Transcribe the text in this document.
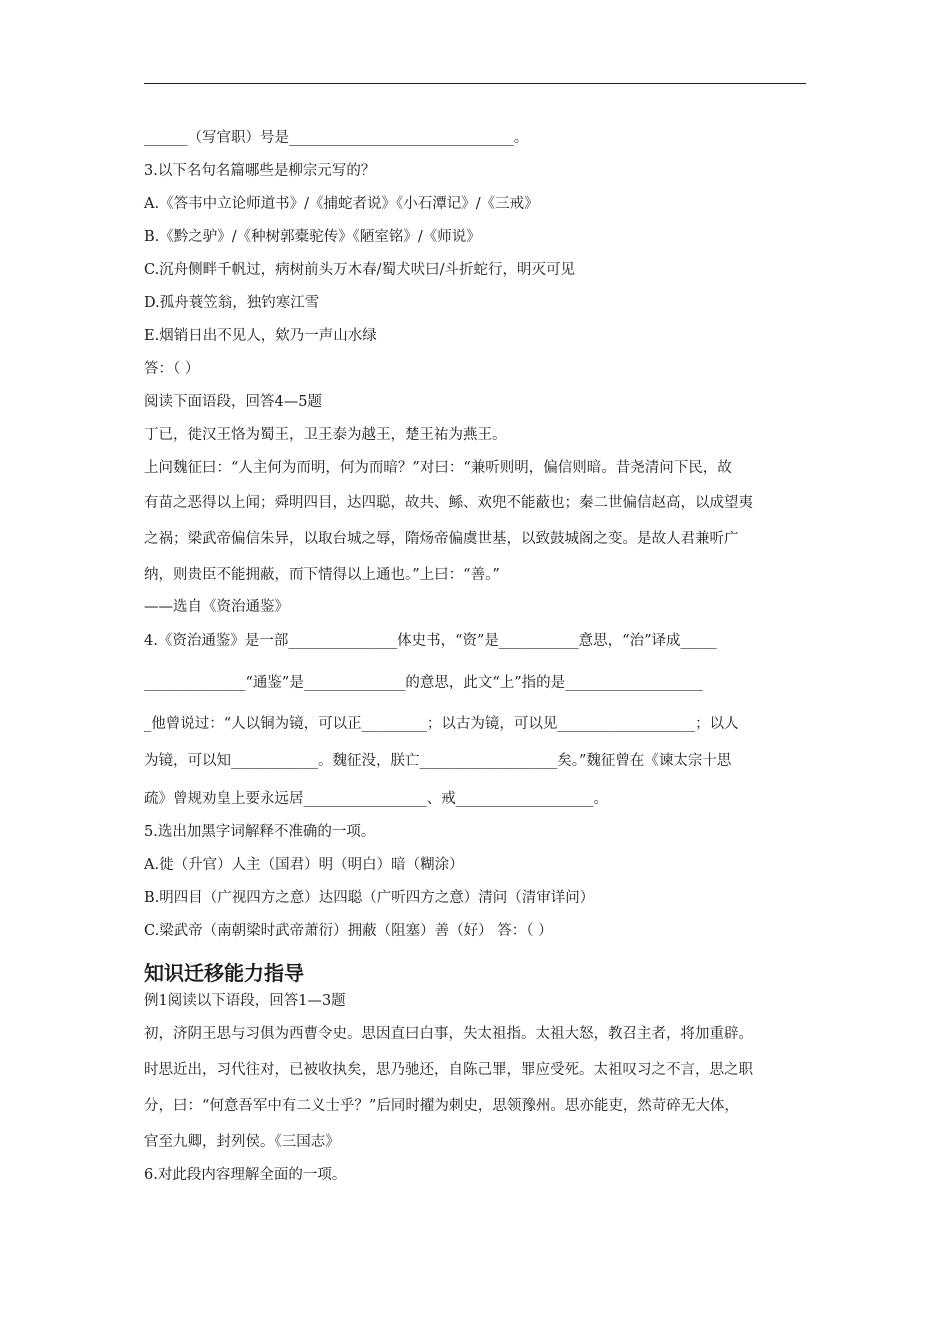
______（写官职）号是_______________________________。
3.以下名句名篇哪些是柳宗元写的？
A.《答韦中立论师道书》/《捕蛇者说》《小石潭记》/《三戒》
B.《黔之驴》/《种树郭橐驼传》《陋室铭》/《师说》
C.沉舟侧畔千帆过，病树前头万木春/蜀犬吠曰/斗折蛇行，明灭可见
D.孤舟蓑笠翁，独钓寒江雪
E.烟销日出不见人，欸乃一声山水绿
答：（ ）
阅读下面语段，回答4—5题
丁已，徙汉王恪为蜀王，卫王泰为越王，楚王祐为燕王。
上问魏征曰：“人主何为而明，何为而暗？”对曰：“兼听则明，偏信则暗。昔尧清问下民，故
有苗之恶得以上闻；舜明四目，达四聪，故共、鲧、欢兜不能蔽也；秦二世偏信赵高，以成望夷
之祸；梁武帝偏信朱异，以取台城之辱，隋炀帝偏虞世基，以致鼓城阁之变。是故人君兼听广
纳，则贵臣不能拥蔽，而下情得以上通也。”上曰：“善。”
——选自《资治通鉴》
4.《资治通鉴》是一部_______________体史书，“资”是___________意思，“治”译成_____
______________“通鉴”是______________的意思，此文“上”指的是___________________
_他曾说过：“人以铜为镜，可以正_________；以古为镜，可以见___________________；以人
为镜，可以知____________。魏征没，朕亡___________________矣。”魏征曾在《谏太宗十思
疏》曾规劝皇上要永远居_________________、戒___________________。
5.选出加黑字词解释不准确的一项。
A.徙（升官）人主（国君）明（明白）暗（糊涂）
B.明四目（广视四方之意）达四聪（广听四方之意）清问（清审详问）
C.梁武帝（南朝梁时武帝萧衍）拥蔽（阻塞）善（好） 答：（ ）
知识迁移能力指导
例1阅读以下语段，回答1—3题
初，济阴王思与习俱为西曹令史。思因直曰白事，失太祖指。太祖大怒，教召主者，将加重辟。
时思近出，习代往对，已被收执矣，思乃驰还，自陈己罪，罪应受死。太祖叹习之不言，思之职
分，曰：“何意吾军中有二义士乎？”后同时擢为刺史，思领豫州。思亦能吏，然苛碎无大体，
官至九卿，封列侯。《三国志》
6.对此段内容理解全面的一项。
